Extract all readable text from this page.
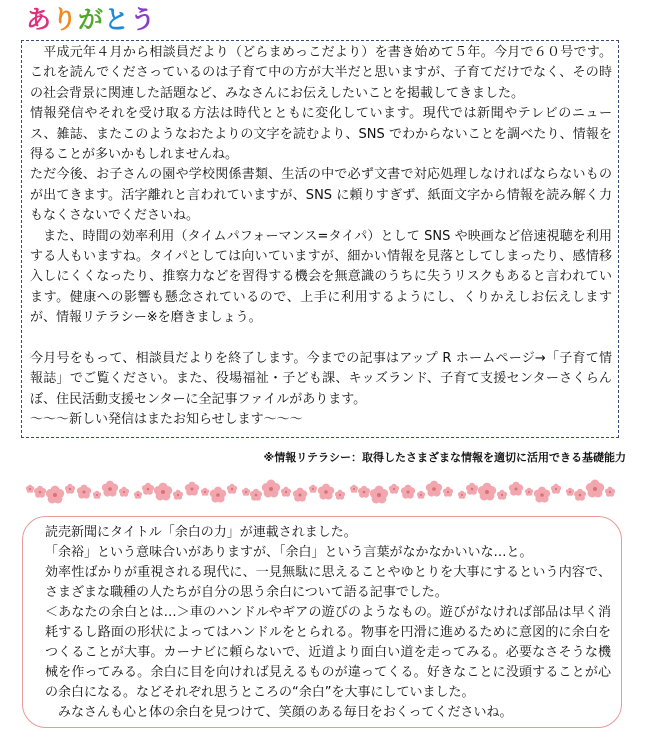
ありがとう

　平成元年４月から相談員だより（どらまめっこだより）を書き始めて５年。今月で６０号です。これを読んでくださっているのは子育て中の方が大半だと思いますが、子育てだけでなく、その時の社会背景に関連した話題など、みなさんにお伝えしたいことを掲載してきました。

情報発信やそれを受け取る方法は時代とともに変化しています。現代では新聞やテレビのニュース、雑誌、またこのようなおたよりの文字を読むより、SNS でわからないことを調べたり、情報を得ることが多いかもしれませんね。

ただ今後、お子さんの園や学校関係書類、生活の中で必ず文書で対応処理しなければならないものが出てきます。活字離れと言われていますが、SNS に頼りすぎず、紙面文字から情報を読み解く力もなくさないでくださいね。

　また、時間の効率利用（タイムパフォーマンス=タイパ）として SNS や映画など倍速視聴を利用する人もいますね。タイパとしては向いていますが、細かい情報を見落としてしまったり、感情移入しにくくなったり、推察力などを習得する機会を無意識のうちに失うリスクもあると言われています。健康への影響も懸念されているので、上手に利用するようにし、くりかえしお伝えしますが、情報リテラシー※を磨きましょう。

今月号をもって、相談員だよりを終了します。今までの記事はアップ R ホームページ→「子育て情報誌」でご覧ください。また、役場福祉・子ども課、キッズランド、子育て支援センターさくらんぼ、住民活動支援センターに全記事ファイルがあります。

〜〜〜新しい発信はまたお知らせします〜〜〜

※情報リテラシー：取得したさまざまな情報を適切に活用できる基礎能力

読売新聞にタイトル「余白の力」が連載されました。

「余裕」という意味合いがありますが、「余白」という言葉がなかなかいいな…と。

効率性ばかりが重視される現代に、一見無駄に思えることやゆとりを大事にするという内容で、さまざまな職種の人たちが自分の思う余白について語る記事でした。

＜あなたの余白とは…＞車のハンドルやギアの遊びのようなもの。遊びがなければ部品は早く消耗するし路面の形状によってはハンドルをとられる。物事を円滑に進めるために意図的に余白をつくることが大事。カーナビに頼らないで、近道より面白い道を走ってみる。必要なさそうな機械を作ってみる。余白に目を向ければ見えるものが違ってくる。好きなことに没頭することが心の余白になる。などそれぞれ思うところの“余白”を大事にしていました。

　みなさんも心と体の余白を見つけて、笑顔のある毎日をおくってくださいね。
